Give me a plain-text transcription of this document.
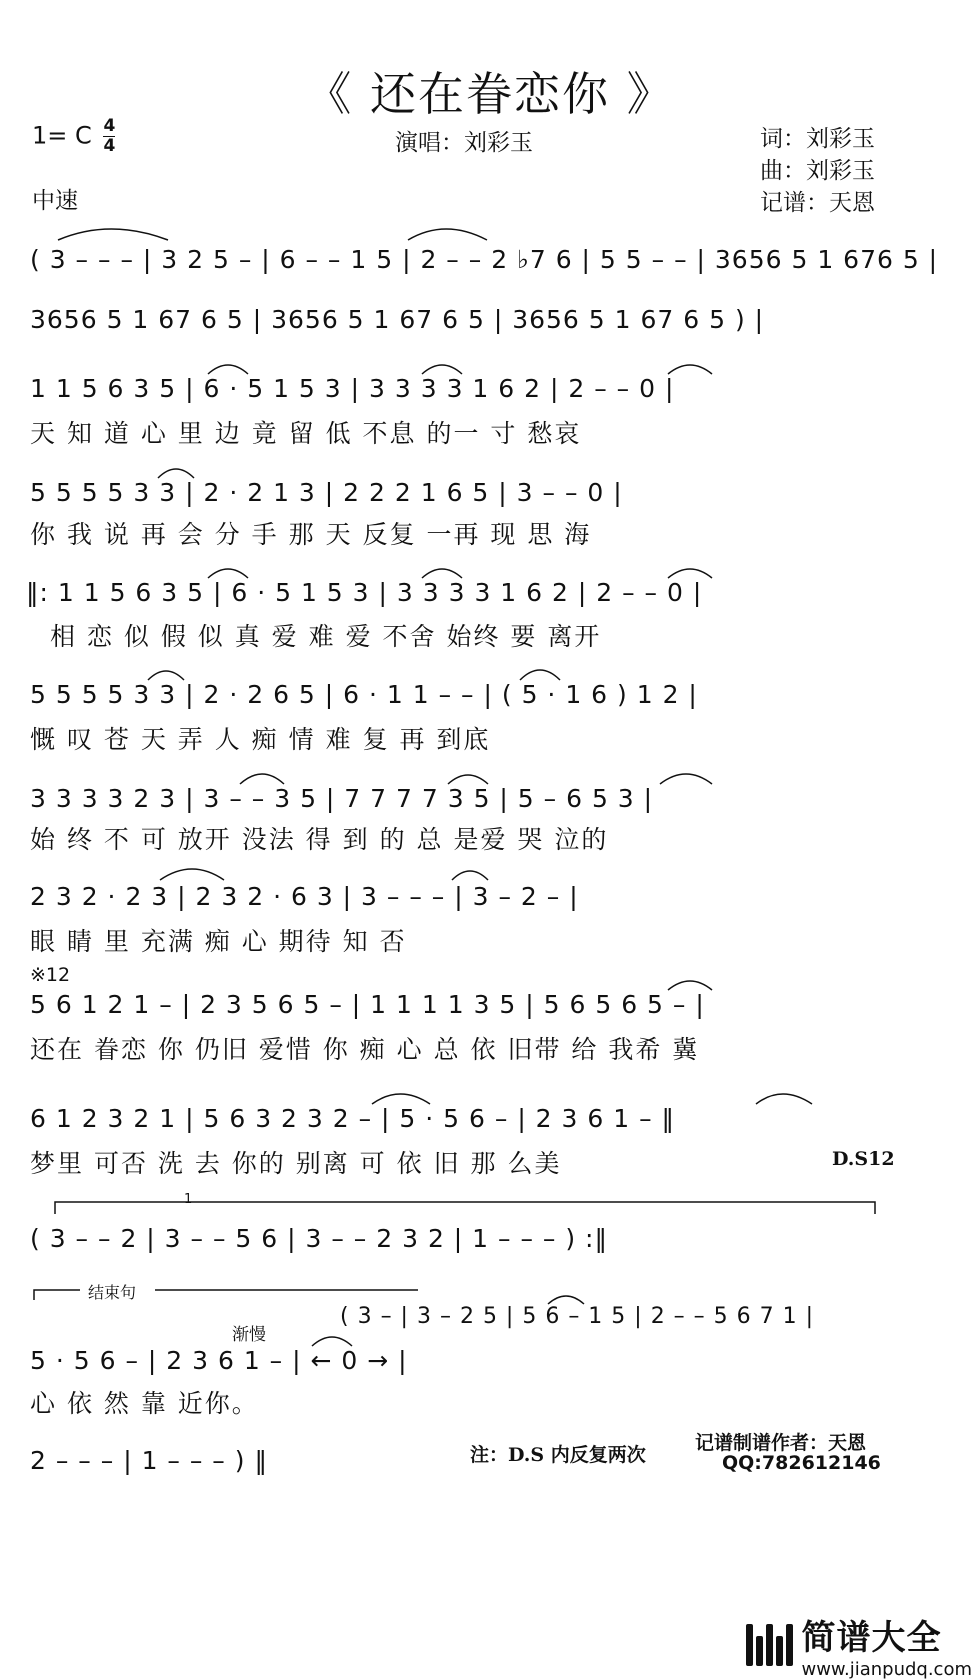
《 还在眷恋你 》
1= C $\frac{4}{4}$
中速
演唱：刘彩玉	词：刘彩玉
曲：刘彩玉
记谱：天恩
( 3 – – – | 3 2 5 – | 6 – – 1 5 | 2 – – 2 ♭7 6 | 5 5 – – | 3656 5 1 676 5 |
3656 5 1 67 6 5 | 3656 5 1 67 6 5 | 3656 5 1 67 6 5 ) |
1 1 5 6 3 5 | 6 · 5 1 5 3 | 3 3 3 3 1 6 2 | 2 – – 0 |
天 知 道 心 里 边 竟 留 低 不息 的一 寸 愁哀
5 5 5 5 3 3 | 2 · 2 1 3 | 2 2 2 1 6 5 | 3 – – 0 |
你 我 说 再 会 分 手 那 天 反复 一再 现 思 海
‖: 1 1 5 6 3 5 | 6 · 5 1 5 3 | 3 3 3 3 1 6 2 | 2 – – 0 |
相 恋 似 假 似 真 爱 难 爱 不舍 始终 要 离开
5 5 5 5 3 3 | 2 · 2 6 5 | 6 · 1 1 – – | ( 5 · 1 6 ) 1 2 |
慨 叹 苍 天 弄 人 痴 情 难 复 再 到底
3 3 3 3 2 3 | 3 – – 3 5 | 7 7 7 7 3 5 | 5 – 6 5 3 |
始 终 不 可 放开 没法 得 到 的 总 是爱 哭 泣的
2 3 2 · 2 3 | 2 3 2 · 6 3 | 3 – – – | 3 – 2 – |
眼 睛 里 充满 痴 心 期待 知 否
※12
5 6 1 2 1 – | 2 3 5 6 5 – | 1 1 1 1 3 5 | 5 6 5 6 5 – |
还在 眷恋 你 仍旧 爱惜 你 痴 心 总 依 旧带 给 我希 冀
6 1 2 3 2 1 | 5 6 3 2 3 2 – | 5 · 5 6 – | 2 3 6 1 – ‖
梦里 可否 洗 去 你的 别离 可 依 旧 那 么美	D.S12
1
( 3 – – 2 | 3 – – 5 6 | 3 – – 2 3 2 | 1 – – – ) :‖
结束句
( 3 – | 3 – 2 5 | 5 6 – 1 5 | 2 – – 5 6 7 1 |
渐慢
5 · 5 6 – | 2 3 6 1 – | ← 0 → |
心 依 然 靠 近你。
2 – – – | 1 – – – ) ‖	注：D.S 内反复两次
记谱制谱作者：天恩
QQ:782612146
简谱大全
www.jianpudq.com
